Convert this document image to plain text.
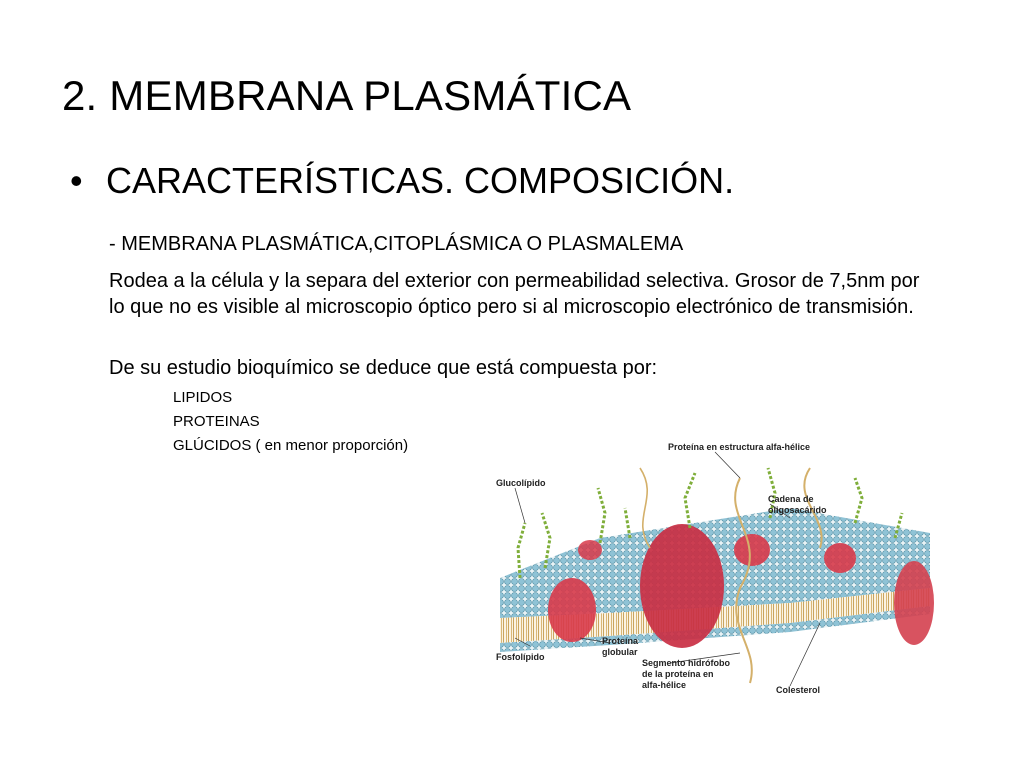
2. MEMBRANA PLASMÁTICA
• CARACTERÍSTICAS. COMPOSICIÓN.
- MEMBRANA PLASMÁTICA,CITOPLÁSMICA O PLASMALEMA

Rodea a la célula y la separa del exterior con permeabilidad selectiva. Grosor de 7,5nm por lo que no es visible al microscopio óptico pero si al microscopio electrónico de transmisión.

De su estudio bioquímico se deduce que está compuesta por:
LIPIDOS
PROTEINAS
GLÚCIDOS ( en menor proporción)	Proteína en estructura alfa-hélice
Glucolípido
Cadena de
oligosacárido
Fosfolípido
Proteína
globular
Segmento hidrófobo
de la proteína en
alfa-hélice	Colesterol
